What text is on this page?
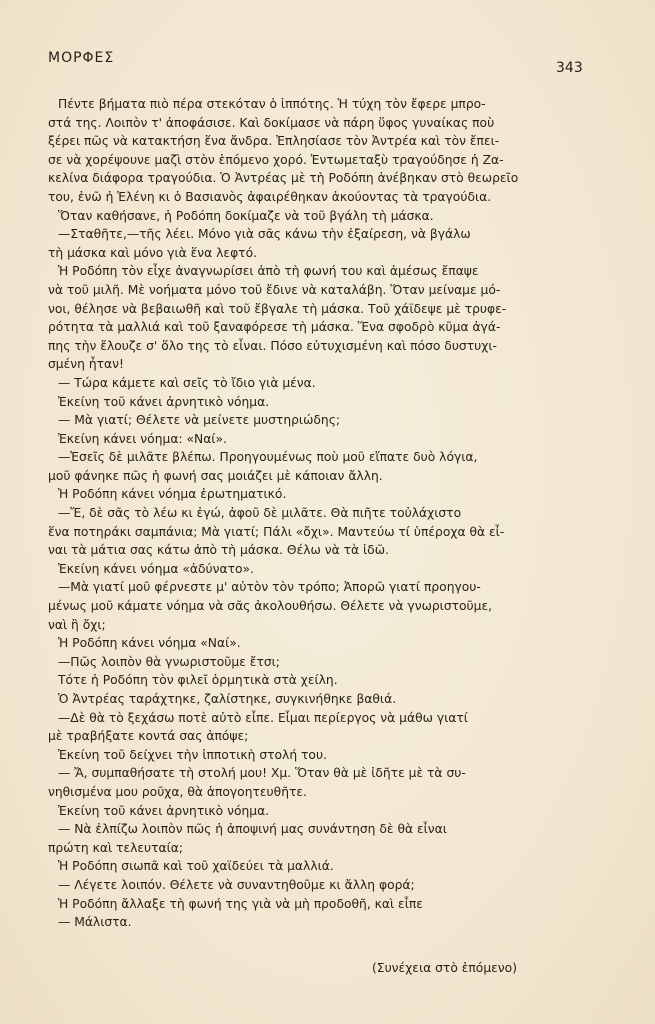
ΜΟΡΦΕΣ
343
Πέντε βήματα πιὸ πέρα στεκόταν ὁ ἱππότης. Ἡ τύχη τὸν ἔφερε μπρο-
στά της. Λοιπὸν τ' ἀποφάσισε. Καὶ δοκίμασε νὰ πάρη ὕφος γυναίκας ποὺ
ξέρει πῶς νὰ κατακτήση ἕνα ἄνδρα. Ἐπλησίασε τὸν Ἀντρέα καὶ τὸν ἔπει-
σε νὰ χορέψουνε μαζὶ στὸν ἑπόμενο χορό. Ἐντωμεταξὺ τραγούδησε ἡ Ζα-
κελίνα διάφορα τραγούδια. Ὁ Ἀντρέας μὲ τὴ Ροδόπη ἀνέβηκαν στὸ θεωρεῖο
του, ἐνῶ ἡ Ἑλένη κι ὁ Βασιανὸς ἀφαιρέθηκαν ἀκούοντας τὰ τραγούδια.
Ὅταν καθήσανε, ἡ Ροδόπη δοκίμαζε νὰ τοῦ βγάλη τὴ μάσκα.
—Σταθῆτε,—τῆς λέει. Μόνο γιὰ σᾶς κάνω τὴν ἐξαίρεση, νὰ βγάλω
τὴ μάσκα καὶ μόνο γιὰ ἕνα λεφτό.
Ἡ Ροδόπη τὸν εἶχε ἀναγνωρίσει ἀπὸ τὴ φωνή του καὶ ἀμέσως ἔπαψε
νὰ τοῦ μιλῆ. Μὲ νοήματα μόνο τοῦ ἔδινε νὰ καταλάβη. Ὅταν μείναμε μό-
νοι, θέλησε νὰ βεβαιωθῆ καὶ τοῦ ἔβγαλε τὴ μάσκα. Τοῦ χάϊδεψε μὲ τρυφε-
ρότητα τὰ μαλλιά καὶ τοῦ ξαναφόρεσε τὴ μάσκα. Ἕνα σφοδρὸ κῦμα ἀγά-
πης τὴν ἔλουζε σ' ὅλο της τὸ εἶναι. Πόσο εὐτυχισμένη καὶ πόσο δυστυχι-
σμένη ἦταν!
— Τώρα κάμετε καὶ σεῖς τὸ ἴδιο γιὰ μένα.
Ἐκείνη τοῦ κάνει ἀρνητικὸ νόημα.
— Μὰ γιατί; Θέλετε νὰ μείνετε μυστηριώδης;
Ἐκείνη κάνει νόημα: «Ναί».
—Ἐσεῖς δὲ μιλᾶτε βλέπω. Προηγουμένως ποὺ μοῦ εἴπατε δυὸ λόγια,
μοῦ φάνηκε πῶς ἡ φωνή σας μοιάζει μὲ κάποιαν ἄλλη.
Ἡ Ροδόπη κάνει νόημα ἐρωτηματικό.
—Ἔ, δὲ σᾶς τὸ λέω κι ἐγώ, ἀφοῦ δὲ μιλᾶτε. Θὰ πιῆτε τοὐλάχιστο
ἕνα ποτηράκι σαμπάνια; Μὰ γιατί; Πάλι «ὄχι». Μαντεύω τί ὑπέροχα θὰ εἶ-
ναι τὰ μάτια σας κάτω ἀπὸ τὴ μάσκα. Θέλω νὰ τὰ ἰδῶ.
Ἐκείνη κάνει νόημα «ἀδύνατο».
—Μὰ γιατί μοῦ φέρνεστε μ' αὐτὸν τὸν τρόπο; Ἀπορῶ γιατί προηγου-
μένως μοῦ κάματε νόημα νὰ σᾶς ἀκολουθήσω. Θέλετε νὰ γνωριστοῦμε,
ναὶ ἢ ὄχι;
Ἡ Ροδόπη κάνει νόημα «Ναί».
—Πῶς λοιπὸν θὰ γνωριστοῦμε ἔτσι;
Τότε ἡ Ροδόπη τὸν φιλεῖ ὁρμητικὰ στὰ χείλη.
Ὁ Ἀντρέας ταράχτηκε, ζαλίστηκε, συγκινήθηκε βαθιά.
—Δὲ θὰ τὸ ξεχάσω ποτὲ αὐτὸ εἶπε. Εἶμαι περίεργος νὰ μάθω γιατί
μὲ τραβήξατε κοντά σας ἀπόψε;
Ἐκείνη τοῦ δείχνει τὴν ἱπποτικὴ στολή του.
— Ἄ, συμπαθήσατε τὴ στολή μου! Χμ. Ὅταν θὰ μὲ ἰδῆτε μὲ τὰ συ-
νηθισμένα μου ροῦχα, θὰ ἀπογοητευθῆτε.
Ἐκείνη τοῦ κάνει ἀρνητικὸ νόημα.
— Νὰ ἐλπίζω λοιπὸν πῶς ἡ ἀποψινή μας συνάντηση δὲ θὰ εἶναι
πρώτη καὶ τελευταία;
Ἡ Ροδόπη σιωπᾶ καὶ τοῦ χαϊδεύει τὰ μαλλιά.
— Λέγετε λοιπόν. Θέλετε νὰ συναντηθοῦμε κι ἄλλη φορά;
Ἡ Ροδόπη ἄλλαξε τὴ φωνή της γιὰ νὰ μὴ προδοθῆ, καὶ εἶπε
— Μάλιστα.
(Συνέχεια στὸ ἑπόμενο)
